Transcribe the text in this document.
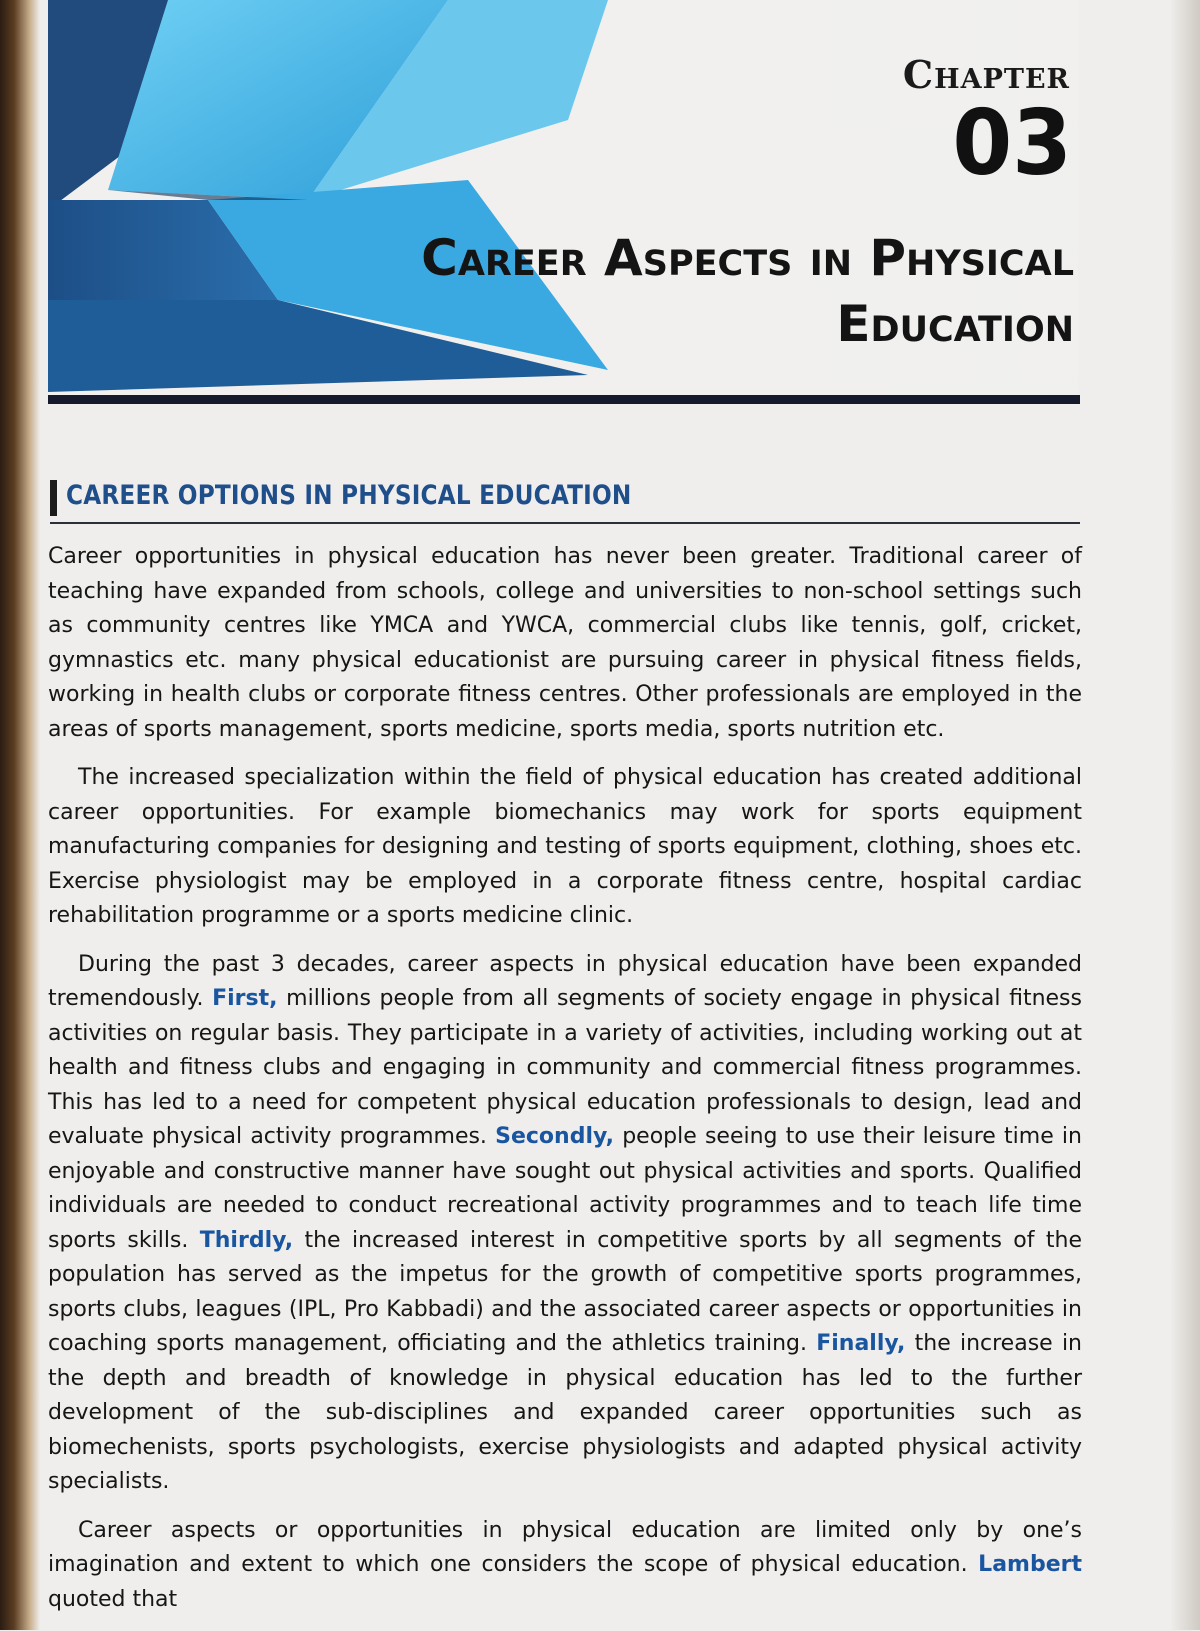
Chapter
03
Career Aspects in Physical
Education
CAREER OPTIONS IN PHYSICAL EDUCATION

Career opportunities in physical education has never been greater. Traditional career of teaching have expanded from schools, college and universities to non-school settings such as community centres like YMCA and YWCA, commercial clubs like tennis, golf, cricket, gymnastics etc. many physical educationist are pursuing career in physical fitness fields, working in health clubs or corporate fitness centres. Other professionals are employed in the areas of sports management, sports medicine, sports media, sports nutrition etc.

The increased specialization within the field of physical education has created additional career opportunities. For example biomechanics may work for sports equipment manufacturing companies for designing and testing of sports equipment, clothing, shoes etc. Exercise physiologist may be employed in a corporate fitness centre, hospital cardiac rehabilitation programme or a sports medicine clinic.

During the past 3 decades, career aspects in physical education have been expanded tremendously. First, millions people from all segments of society engage in physical fitness activities on regular basis. They participate in a variety of activities, including working out at health and fitness clubs and engaging in community and commercial fitness programmes. This has led to a need for competent physical education professionals to design, lead and evaluate physical activity programmes. Secondly, people seeing to use their leisure time in enjoyable and constructive manner have sought out physical activities and sports. Qualified individuals are needed to conduct recreational activity programmes and to teach life time sports skills. Thirdly, the increased interest in competitive sports by all segments of the population has served as the impetus for the growth of competitive sports programmes, sports clubs, leagues (IPL, Pro Kabbadi) and the associated career aspects or opportunities in coaching sports management, officiating and the athletics training. Finally, the increase in the depth and breadth of knowledge in physical education has led to the further development of the sub-disciplines and expanded career opportunities such as biomechenists, sports psychologists, exercise physiologists and adapted physical activity specialists.

Career aspects or opportunities in physical education are limited only by one’s imagination and extent to which one considers the scope of physical education. Lambert quoted that
